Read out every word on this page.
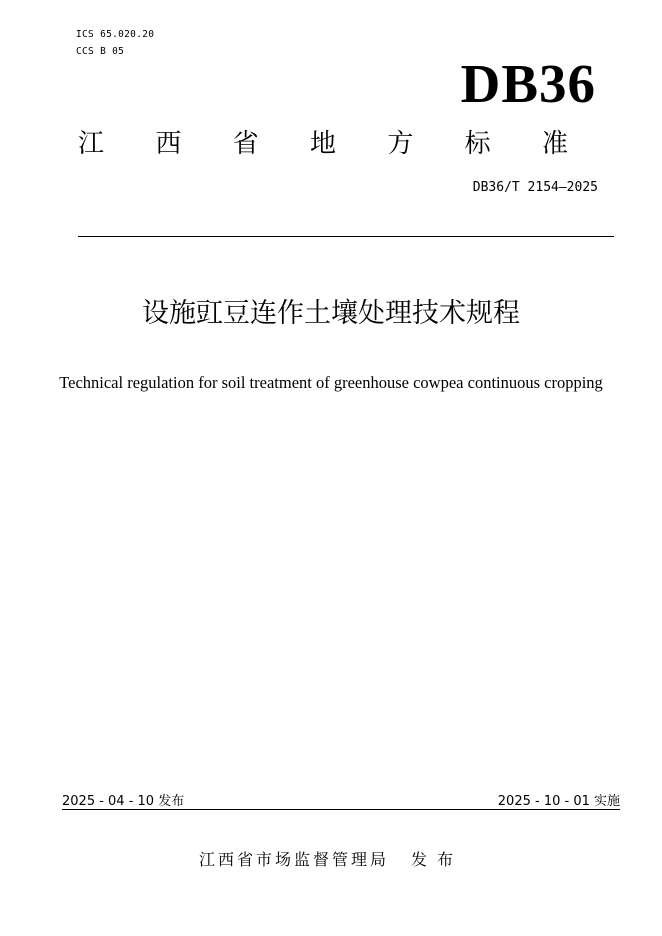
ICS 65.020.20
CCS B 05
DB36
江 西 省 地 方 标 准
DB36/T 2154—2025
设施豇豆连作土壤处理技术规程
Technical regulation for soil treatment of greenhouse cowpea continuous cropping
2025 - 04 - 10 发布	2025 - 10 - 01 实施
江西省市场监督管理局 发布
